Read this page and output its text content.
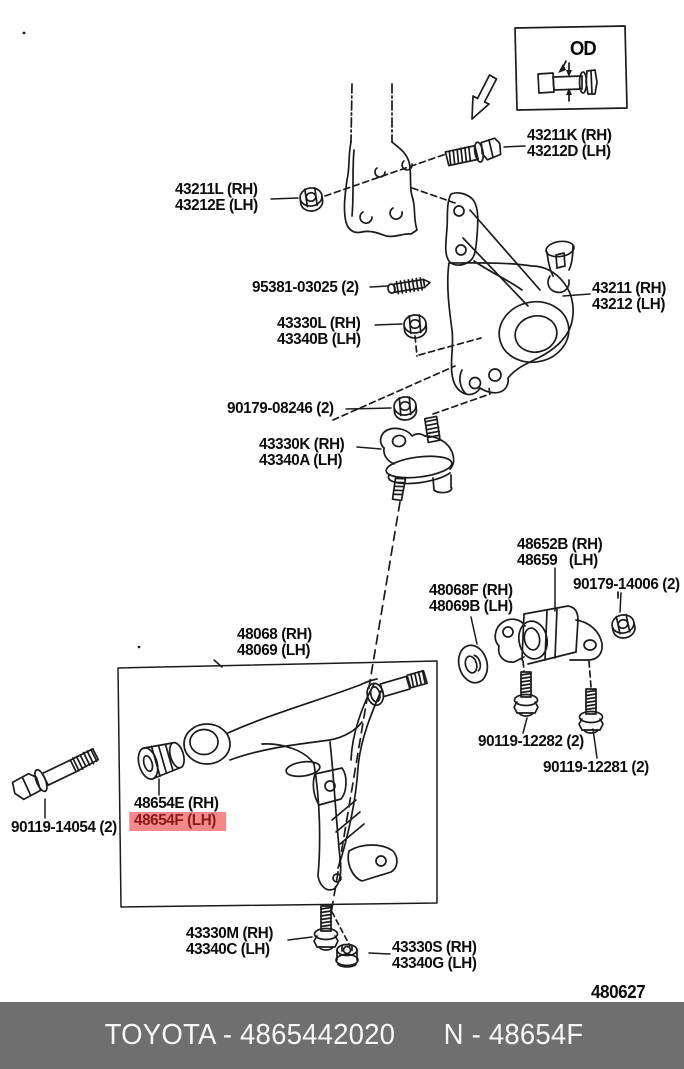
43211K (RH)
43212D (LH)
43211L (RH)
43212E (LH)
95381-03025 (2)
43330L (RH)
43340B (LH)
43211 (RH)
43212 (LH)
90179-08246 (2)
43330K (RH)
43340A (LH)
48652B (RH)
48659   (LH)
90179-14006 (2)
48068F (RH)
48069B (LH)
48068 (RH)
48069 (LH)
48654E (RH)
48654F (LH)
90119-14054 (2)
90119-12282 (2)
90119-12281 (2)
43330M (RH)
43340C (LH)	43330S (RH)
43340G (LH)
OD
480627
TOYOTA - 4865442020 N - 48654F
